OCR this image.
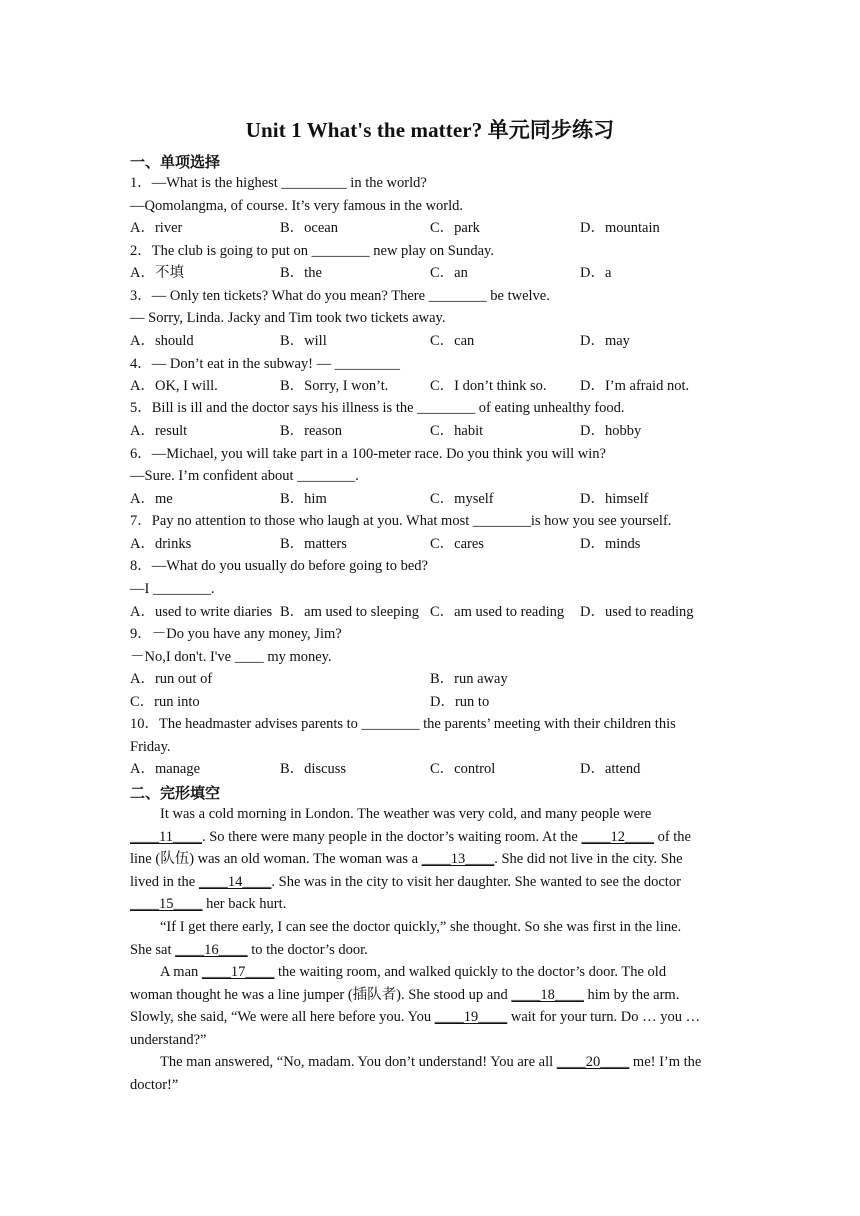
Unit 1 What's the matter? 单元同步练习
一、单项选择
1．—What is the highest _________ in the world?
—Qomolangma, of course. It’s very famous in the world.
A．river	B．ocean	C．park	D．mountain
2．The club is going to put on ________ new play on Sunday.
A．不填	B．the	C．an	D．a
3．— Only ten tickets? What do you mean? There ________ be twelve.
— Sorry, Linda. Jacky and Tim took two tickets away.
A．should	B．will	C．can	D．may
4．— Don’t eat in the subway! — _________
A．OK, I will.	B．Sorry, I won’t.	C．I don’t think so. D．I’m afraid not.
5．Bill is ill and the doctor says his illness is the ________ of eating unhealthy food.
A．result	B．reason	C．habit	D．hobby
6．—Michael, you will take part in a 100-meter race. Do you think you will win?
—Sure. I’m confident about ________.
A．me	B．him	C．myself	D．himself
7．Pay no attention to those who laugh at you. What most ________is how you see yourself.
A．drinks	B．matters	C．cares	D．minds
8．—What do you usually do before going to bed?
—I ________.
A．used to write diaries B．am used to sleeping C．am used to reading D．used to reading
9．－Do you have any money, Jim?
－No,I don't. I've ____ my money.
A．run out of	B．run away
C．run into	D．run to
10．The headmaster advises parents to ________ the parents’ meeting with their children this
Friday.
A．manage	B．discuss	C．control	D．attend
二、完形填空
It was a cold morning in London. The weather was very cold, and many people were
____11____. So there were many people in the doctor’s waiting room. At the ____12____ of the
line (队伍) was an old woman. The woman was a ____13____. She did not live in the city. She
lived in the ____14____. She was in the city to visit her daughter. She wanted to see the doctor
____15____ her back hurt.
“If I get there early, I can see the doctor quickly,” she thought. So she was first in the line.
She sat ____16____ to the doctor’s door.
A man ____17____ the waiting room, and walked quickly to the doctor’s door. The old
woman thought he was a line jumper (插队者). She stood up and ____18____ him by the arm.
Slowly, she said, “We were all here before you. You ____19____ wait for your turn. Do … you …
understand?”
The man answered, “No, madam. You don’t understand! You are all ____20____ me! I’m the
doctor!”
